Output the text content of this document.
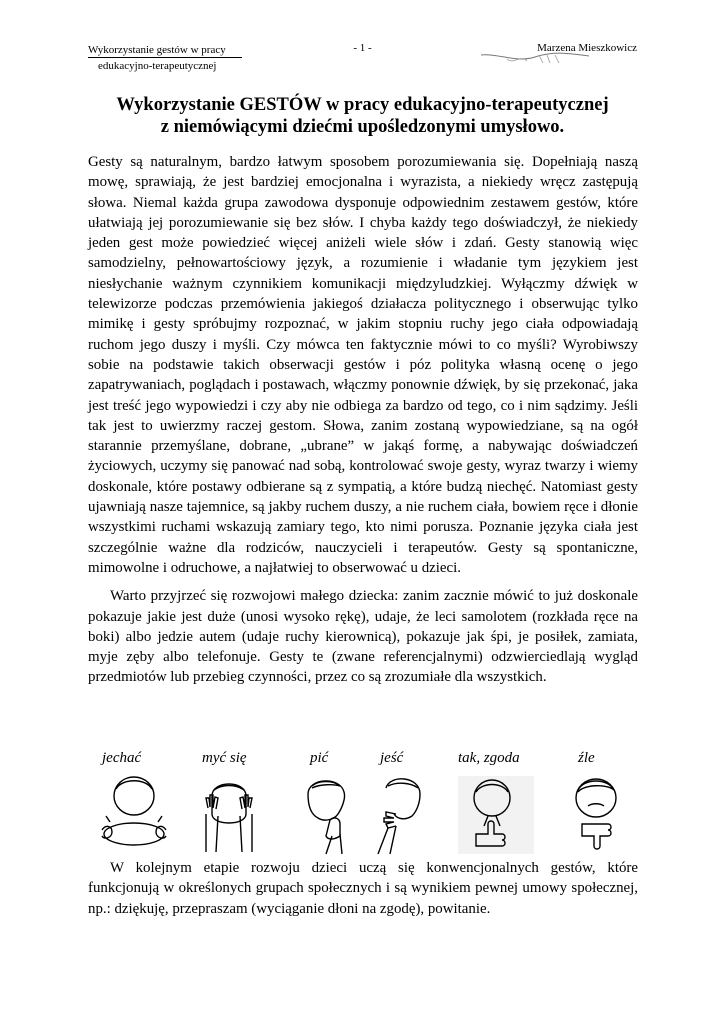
Wykorzystanie gestów w pracy
edukacyjno-terapeutycznej
- 1 -	Marzena Mieszkowicz
Wykorzystanie GESTÓW w pracy edukacyjno-terapeutycznej
z niemówiącymi dziećmi upośledzonymi umysłowo.

Gesty są naturalnym, bardzo łatwym sposobem porozumiewania się. Dopełniają naszą mowę, sprawiają, że jest bardziej emocjonalna i wyrazista, a niekiedy wręcz zastępują słowa. Niemal każda grupa zawodowa dysponuje odpowiednim zestawem gestów, które ułatwiają jej porozumiewanie się bez słów. I chyba każdy tego doświadczył, że niekiedy jeden gest może powiedzieć więcej aniżeli wiele słów i zdań. Gesty stanowią więc samodzielny, pełnowartościowy język, a rozumienie i władanie tym językiem jest niesłychanie ważnym czynnikiem komunikacji międzyludzkiej. Wyłączmy dźwięk w telewizorze podczas przemówienia jakiegoś działacza politycznego i obserwując tylko mimikę i gesty spróbujmy rozpoznać, w jakim stopniu ruchy jego ciała odpowiadają ruchom jego duszy i myśli. Czy mówca ten faktycznie mówi to co myśli? Wyrobiwszy sobie na podstawie takich obserwacji gestów i póz polityka własną ocenę o jego zapatrywaniach, poglądach i postawach, włączmy ponownie dźwięk, by się przekonać, jaka jest treść jego wypowiedzi i czy aby nie odbiega za bardzo od tego, co i nim sądzimy. Jeśli tak jest to uwierzmy raczej gestom. Słowa, zanim zostaną wypowiedziane, są na ogół starannie przemyślane, dobrane, „ubrane” w jakąś formę, a nabywając doświadczeń życiowych, uczymy się panować nad sobą, kontrolować swoje gesty, wyraz twarzy i wiemy doskonale, które postawy odbierane są z sympatią, a które budzą niechęć. Natomiast gesty ujawniają nasze tajemnice, są jakby ruchem duszy, a nie ruchem ciała, bowiem ręce i dłonie wszystkimi ruchami wskazują zamiary tego, kto nimi porusza. Poznanie języka ciała jest szczególnie ważne dla rodziców, nauczycieli i terapeutów. Gesty są spontaniczne, mimowolne i odruchowe, a najłatwiej to obserwować u dzieci.

Warto przyjrzeć się rozwojowi małego dziecka: zanim zacznie mówić to już doskonale pokazuje jakie jest duże (unosi wysoko rękę), udaje, że leci samolotem (rozkłada ręce na boki) albo jedzie autem (udaje ruchy kierownicą), pokazuje jak śpi, je posiłek, zamiata, myje zęby albo telefonuje. Gesty te (zwane referencjalnymi) odzwierciedlają wygląd przedmiotów lub przebieg czynności, przez co są zrozumiałe dla wszystkich.

jechać	myć się	pić	jeść	tak, zgoda	źle

W kolejnym etapie rozwoju dzieci uczą się konwencjonalnych gestów, które funkcjonują w określonych grupach społecznych i są wynikiem pewnej umowy społecznej, np.: dziękuję, przepraszam (wyciąganie dłoni na zgodę), powitanie.
